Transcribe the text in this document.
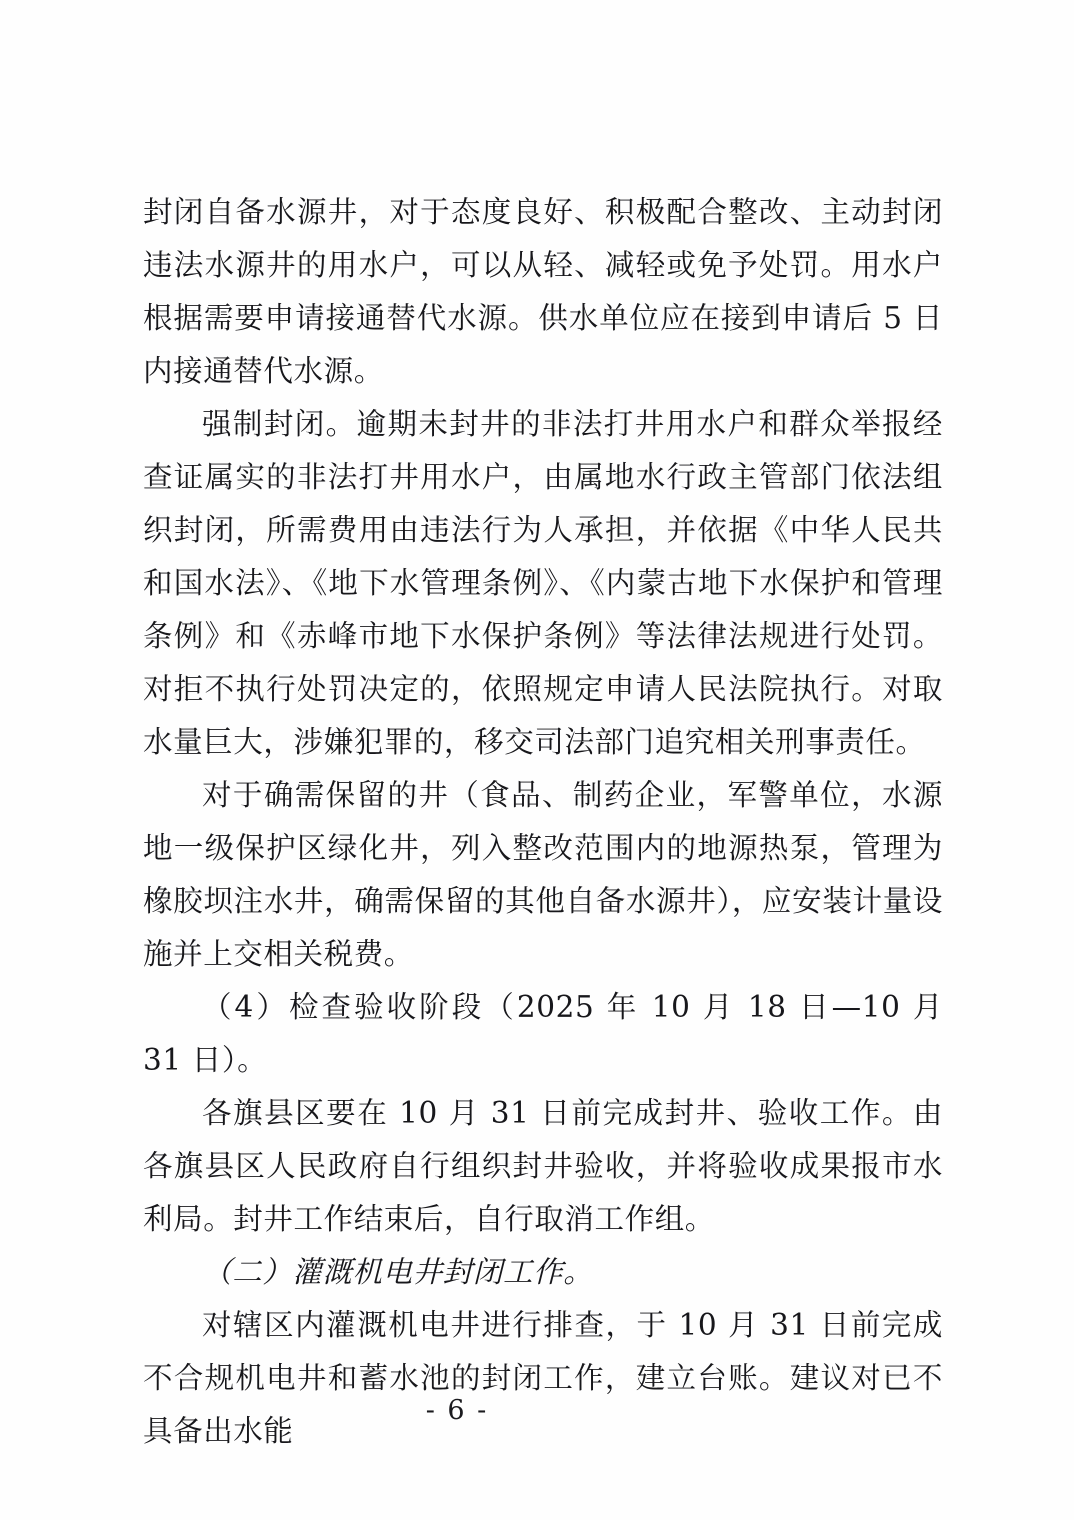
封闭自备水源井，对于态度良好、积极配合整改、主动封闭违法水源井的用水户，可以从轻、减轻或免予处罚。用水户根据需要申请接通替代水源。供水单位应在接到申请后 5 日内接通替代水源。

强制封闭。逾期未封井的非法打井用水户和群众举报经查证属实的非法打井用水户，由属地水行政主管部门依法组织封闭，所需费用由违法行为人承担，并依据《中华人民共和国水法》、《地下水管理条例》、《内蒙古地下水保护和管理条例》和《赤峰市地下水保护条例》等法律法规进行处罚。对拒不执行处罚决定的，依照规定申请人民法院执行。对取水量巨大，涉嫌犯罪的，移交司法部门追究相关刑事责任。

对于确需保留的井（食品、制药企业，军警单位，水源地一级保护区绿化井，列入整改范围内的地源热泵，管理为橡胶坝注水井，确需保留的其他自备水源井），应安装计量设施并上交相关税费。

（4）检查验收阶段（2025 年 10 月 18 日—10 月 31 日）。

各旗县区要在 10 月 31 日前完成封井、验收工作。由各旗县区人民政府自行组织封井验收，并将验收成果报市水利局。封井工作结束后，自行取消工作组。

（二）灌溉机电井封闭工作。

对辖区内灌溉机电井进行排查，于 10 月 31 日前完成不合规机电井和蓄水池的封闭工作，建立台账。建议对已不具备出水能

- 6 -
